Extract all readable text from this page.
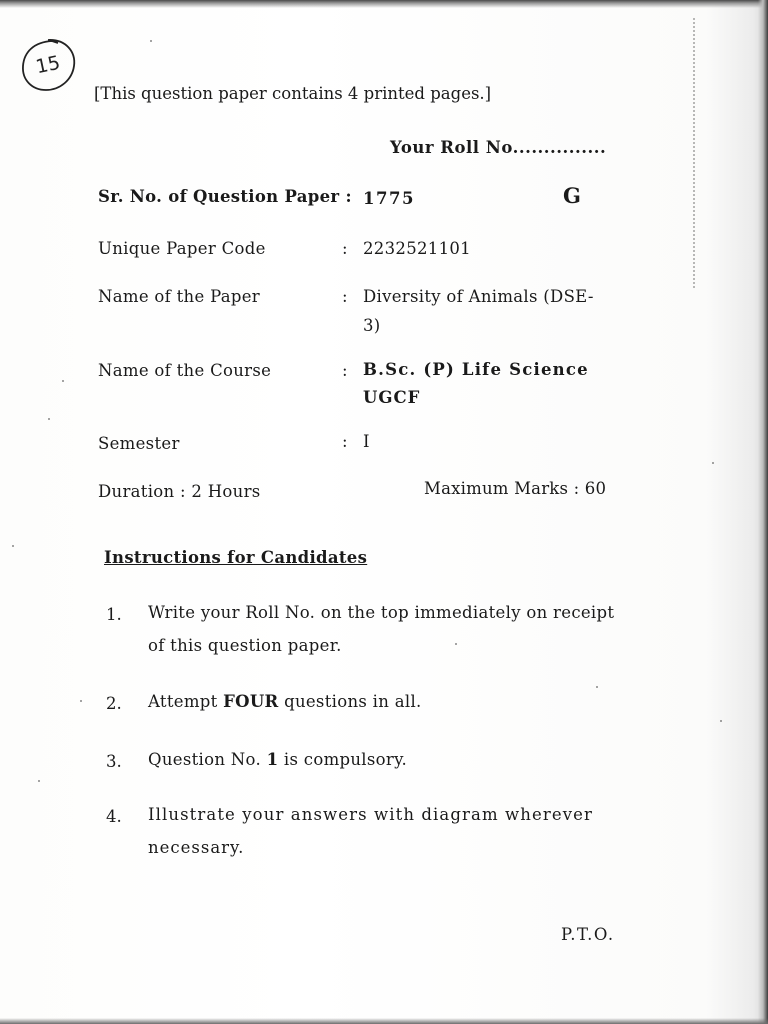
15
[This question paper contains 4 printed pages.]
Your Roll No...............
Sr. No. of Question Paper : 1775	G
Unique Paper Code	: 2232521101
Name of the Paper	: Diversity of Animals (DSE-
3)
Name of the Course	: B.Sc. (P) Life Science
UGCF
Semester	: I
Duration : 2 Hours	Maximum Marks : 60
Instructions for Candidates
1. Write your Roll No. on the top immediately on receipt
of this question paper.
2. Attempt FOUR questions in all.
3. Question No. 1 is compulsory.
4. Illustrate your answers with diagram wherever
necessary.
P.T.O.
